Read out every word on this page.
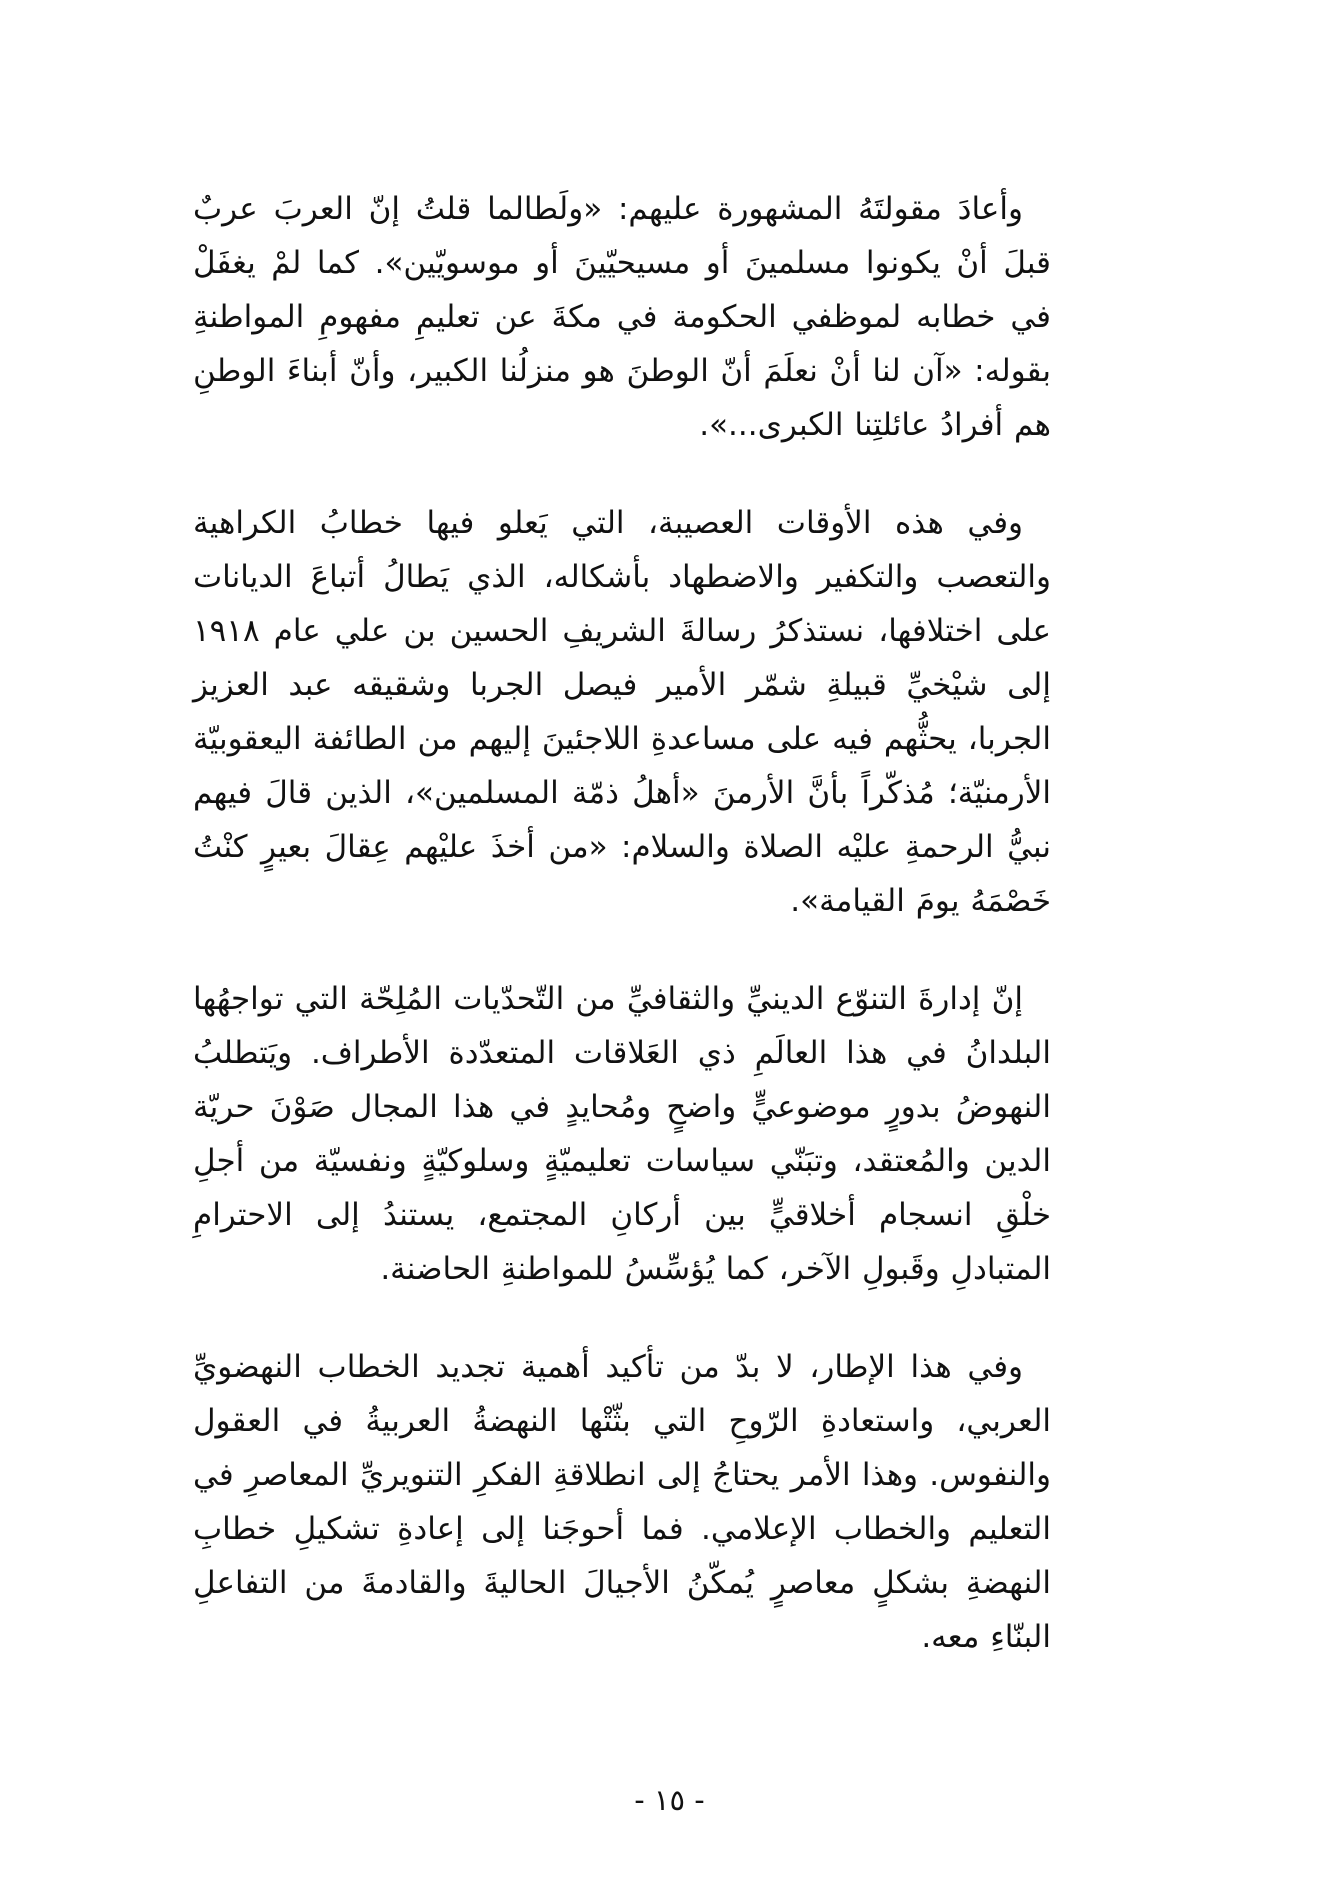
وأعادَ مقولتَهُ المشهورة عليهم: «ولَطالما قلتُ إنّ العربَ عربٌ قبلَ أنْ يكونوا مسلمينَ أو مسيحيّينَ أو موسويّين». كما لمْ يغفَلْ في خطابه لموظفي الحكومة في مكةَ عن تعليمِ مفهومِ المواطنةِ بقوله: «آن لنا أنْ نعلَمَ أنّ الوطنَ هو منزلُنا الكبير، وأنّ أبناءَ الوطنِ هم أفرادُ عائلتِنا الكبرى...».

وفي هذه الأوقات العصيبة، التي يَعلو فيها خطابُ الكراهية والتعصب والتكفير والاضطهاد بأشكاله، الذي يَطالُ أتباعَ الديانات على اختلافها، نستذكرُ رسالةَ الشريفِ الحسين بن علي عام ١٩١٨ إلى شيْخيِّ قبيلةِ شمّر الأمير فيصل الجربا وشقيقه عبد العزيز الجربا، يحثُّهم فيه على مساعدةِ اللاجئينَ إليهم من الطائفة اليعقوبيّة الأرمنيّة؛ مُذكّراً بأنَّ الأرمنَ «أهلُ ذمّة المسلمين»، الذين قالَ فيهم نبيُّ الرحمةِ عليْه الصلاة والسلام: «من أخذَ عليْهم عِقالَ بعيرٍ كنْتُ خَصْمَهُ يومَ القيامة».

إنّ إدارةَ التنوّع الدينيِّ والثقافيِّ من التّحدّيات المُلِحّة التي تواجهُها البلدانُ في هذا العالَمِ ذي العَلاقات المتعدّدة الأطراف. ويَتطلبُ النهوضُ بدورٍ موضوعيٍّ واضحٍ ومُحايدٍ في هذا المجال صَوْنَ حريّة الدين والمُعتقد، وتبَنّي سياسات تعليميّةٍ وسلوكيّةٍ ونفسيّة من أجلِ خلْقِ انسجام أخلاقيٍّ بين أركانِ المجتمع، يستندُ إلى الاحترامِ المتبادلِ وقَبولِ الآخر، كما يُؤسِّسُ للمواطنةِ الحاضنة.

وفي هذا الإطار، لا بدّ من تأكيد أهمية تجديد الخطاب النهضويِّ العربي، واستعادةِ الرّوحِ التي بثّتْها النهضةُ العربيةُ في العقول والنفوس. وهذا الأمر يحتاجُ إلى انطلاقةِ الفكرِ التنويريِّ المعاصرِ في التعليم والخطاب الإعلامي. فما أحوجَنا إلى إعادةِ تشكيلِ خطابِ النهضةِ بشكلٍ معاصرٍ يُمكّنُ الأجيالَ الحاليةَ والقادمةَ من التفاعلِ البنّاءِ معه.

- ١٥ -
